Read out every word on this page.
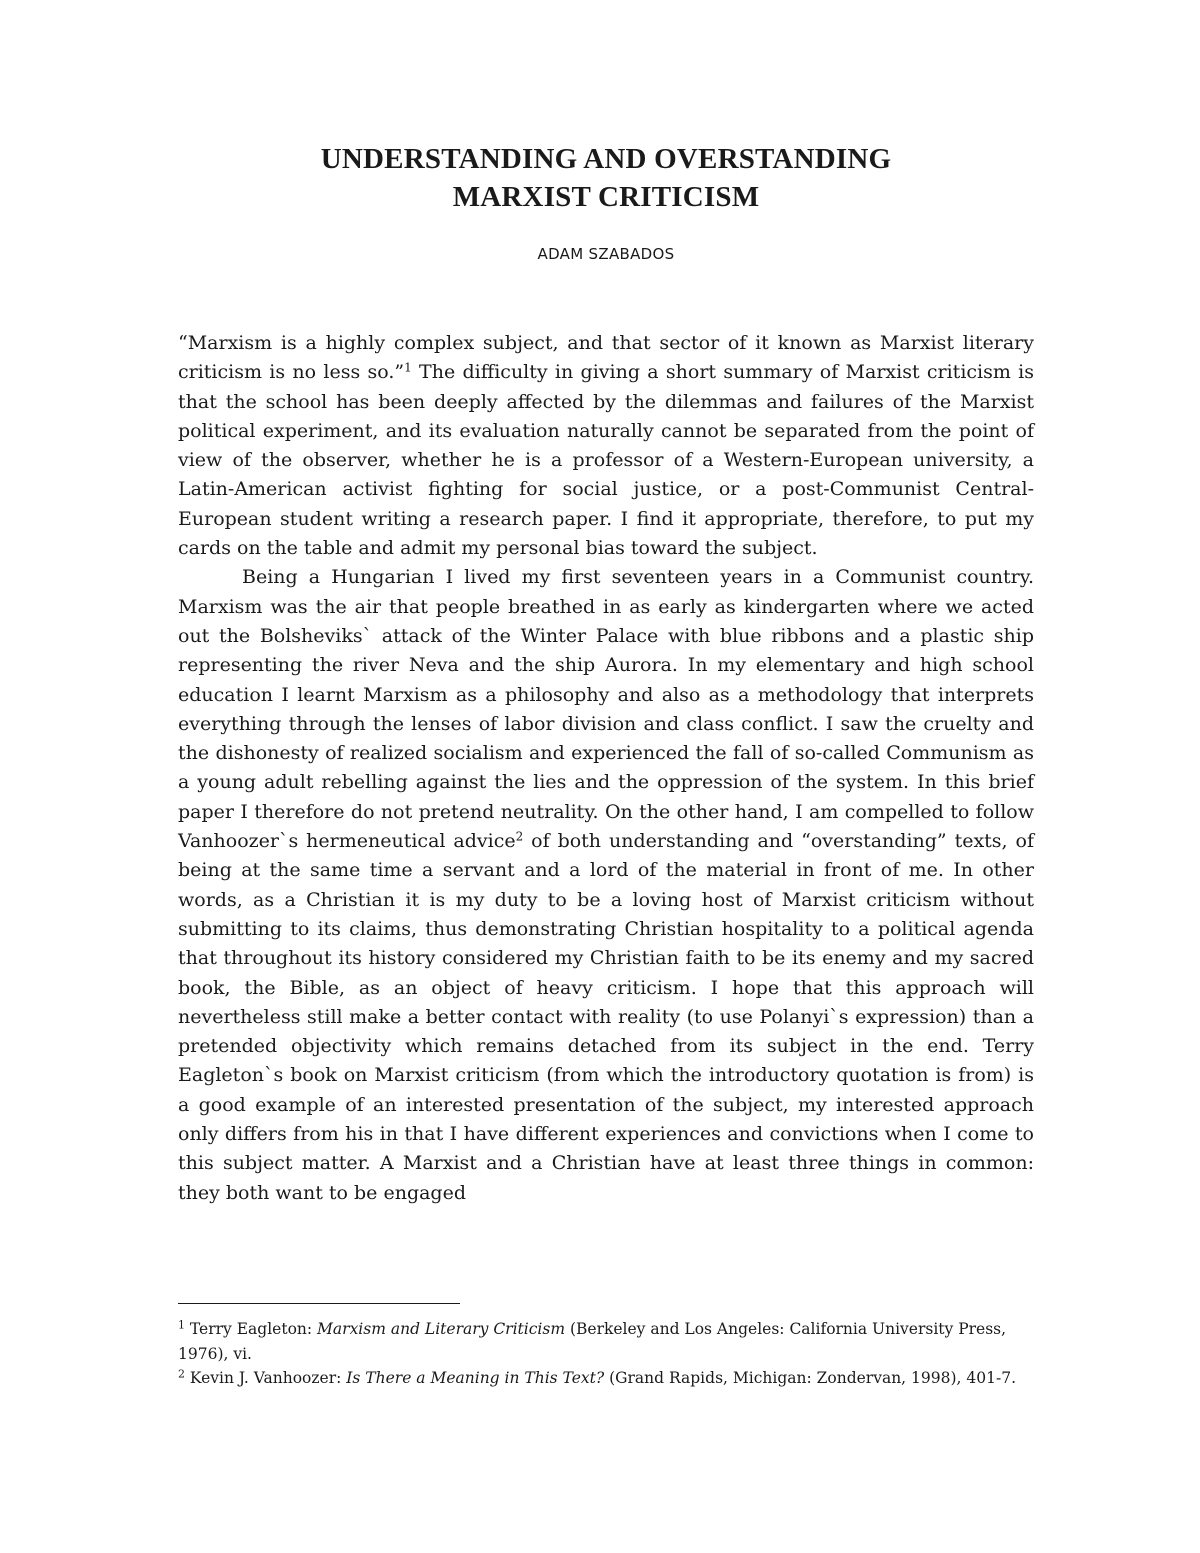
UNDERSTANDING AND OVERSTANDING
MARXIST CRITICISM
ADAM SZABADOS

“Marxism is a highly complex subject, and that sector of it known as Marxist literary criticism is no less so.”$^1$ The difficulty in giving a short summary of Marxist criticism is that the school has been deeply affected by the dilemmas and failures of the Marxist political experiment, and its evaluation naturally cannot be separated from the point of view of the observer, whether he is a professor of a Western-European university, a Latin-American activist fighting for social justice, or a post-Communist Central-European student writing a research paper. I find it appropriate, therefore, to put my cards on the table and admit my personal bias toward the subject.

Being a Hungarian I lived my first seventeen years in a Communist country. Marxism was the air that people breathed in as early as kindergarten where we acted out the Bolsheviks` attack of the Winter Palace with blue ribbons and a plastic ship representing the river Neva and the ship Aurora. In my elementary and high school education I learnt Marxism as a philosophy and also as a methodology that interprets everything through the lenses of labor division and class conflict. I saw the cruelty and the dishonesty of realized socialism and experienced the fall of so-called Communism as a young adult rebelling against the lies and the oppression of the system. In this brief paper I therefore do not pretend neutrality. On the other hand, I am compelled to follow Vanhoozer`s hermeneutical advice$^2$ of both understanding and “overstanding” texts, of being at the same time a servant and a lord of the material in front of me. In other words, as a Christian it is my duty to be a loving host of Marxist criticism without submitting to its claims, thus demonstrating Christian hospitality to a political agenda that throughout its history considered my Christian faith to be its enemy and my sacred book, the Bible, as an object of heavy criticism. I hope that this approach will nevertheless still make a better contact with reality (to use Polanyi`s expression) than a pretended objectivity which remains detached from its subject in the end. Terry Eagleton`s book on Marxist criticism (from which the introductory quotation is from) is a good example of an interested presentation of the subject, my interested approach only differs from his in that I have different experiences and convictions when I come to this subject matter. A Marxist and a Christian have at least three things in common: they both want to be engaged

$^1$ Terry Eagleton: Marxism and Literary Criticism (Berkeley and Los Angeles: California University Press, 1976), vi.

$^2$ Kevin J. Vanhoozer: Is There a Meaning in This Text? (Grand Rapids, Michigan: Zondervan, 1998), 401-7.
